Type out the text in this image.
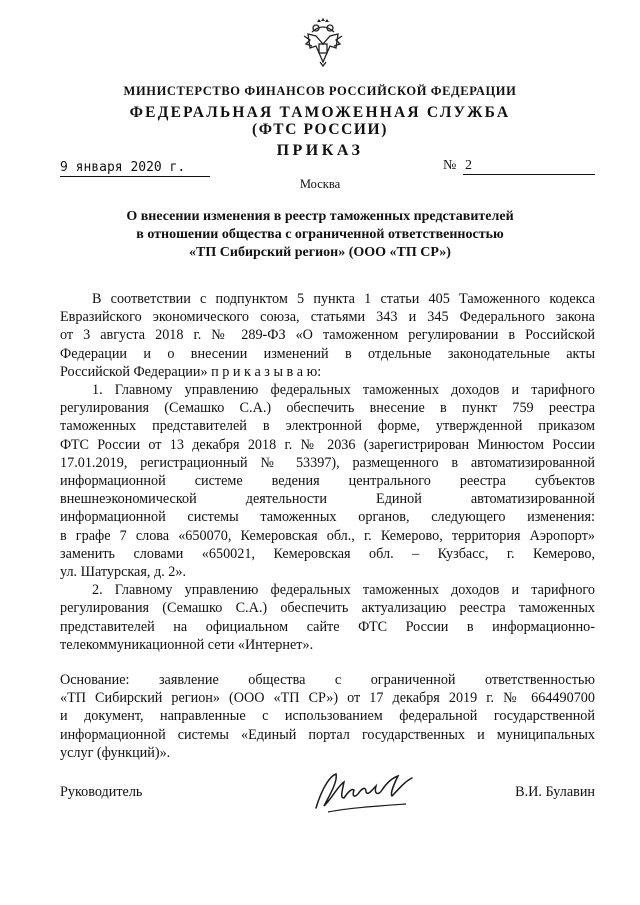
МИНИСТЕРСТВО ФИНАНСОВ РОССИЙСКОЙ ФЕДЕРАЦИИ
ФЕДЕРАЛЬНАЯ ТАМОЖЕННАЯ СЛУЖБА
(ФТС РОССИИ)
ПРИКАЗ
9 января 2020 г.	№ 2
Москва
О внесении изменения в реестр таможенных представителей
в отношении общества с ограниченной ответственностью
«ТП Сибирский регион» (ООО «ТП СР»)
В соответствии с подпунктом 5 пункта 1 статьи 405 Таможенного кодекса
Евразийского экономического союза, статьями 343 и 345 Федерального закона
от 3 августа 2018 г. № 289-ФЗ «О таможенном регулировании в Российской
Федерации и о внесении изменений в отдельные законодательные акты
Российской Федерации» п р и к а з ы в а ю:
1. Главному управлению федеральных таможенных доходов и тарифного
регулирования (Семашко С.А.) обеспечить внесение в пункт 759 реестра
таможенных представителей в электронной форме, утвержденной приказом
ФТС России от 13 декабря 2018 г. № 2036 (зарегистрирован Минюстом России
17.01.2019, регистрационный № 53397), размещенного в автоматизированной
информационной системе ведения центрального реестра субъектов
внешнеэкономической деятельности Единой автоматизированной
информационной системы таможенных органов, следующего изменения:
в графе 7 слова «650070, Кемеровская обл., г. Кемерово, территория Аэропорт»
заменить словами «650021, Кемеровская обл. – Кузбасс, г. Кемерово,
ул. Шатурская, д. 2».
2. Главному управлению федеральных таможенных доходов и тарифного
регулирования (Семашко С.А.) обеспечить актуализацию реестра таможенных
представителей на официальном сайте ФТС России в информационно-
телекоммуникационной сети «Интернет».
Основание: заявление общества с ограниченной ответственностью
«ТП Сибирский регион» (ООО «ТП СР») от 17 декабря 2019 г. № 664490700
и документ, направленные с использованием федеральной государственной
информационной системы «Единый портал государственных и муниципальных
услуг (функций)».
Руководитель	В.И. Булавин
